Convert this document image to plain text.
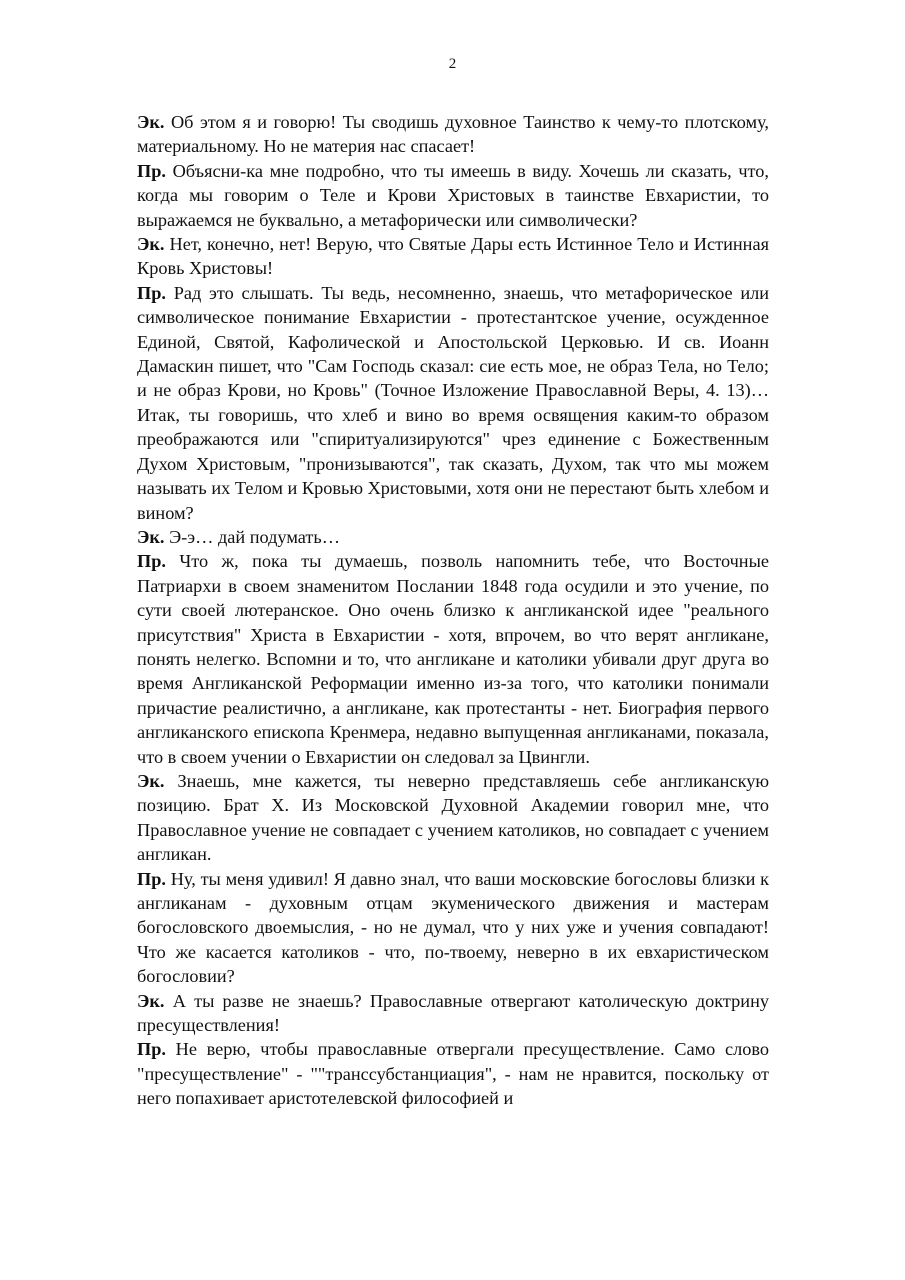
2

Эк. Об этом я и говорю! Ты сводишь духовное Таинство к чему-то плотскому, материальному. Но не материя нас спасает!

Пр. Объясни-ка мне подробно, что ты имеешь в виду. Хочешь ли сказать, что, когда мы говорим о Теле и Крови Христовых в таинстве Евхаристии, то выражаемся не буквально, а метафорически или символически?

Эк. Нет, конечно, нет! Верую, что Святые Дары есть Истинное Тело и Истинная Кровь Христовы!

Пр. Рад это слышать. Ты ведь, несомненно, знаешь, что метафорическое или символическое понимание Евхаристии - протестантское учение, осужденное Единой, Святой, Кафолической и Апостольской Церковью. И св. Иоанн Дамаскин пишет, что "Сам Господь сказал: сие есть мое, не образ Тела, но Тело; и не образ Крови, но Кровь" (Точное Изложение Православной Веры, 4. 13)… Итак, ты говоришь, что хлеб и вино во время освящения каким-то образом преображаются или "спиритуализируются" чрез единение с Божественным Духом Христовым, "пронизываются", так сказать, Духом, так что мы можем называть их Телом и Кровью Христовыми, хотя они не перестают быть хлебом и вином?

Эк. Э-э… дай подумать…

Пр. Что ж, пока ты думаешь, позволь напомнить тебе, что Восточные Патриархи в своем знаменитом Послании 1848 года осудили и это учение, по сути своей лютеранское. Оно очень близко к англиканской идее "реального присутствия" Христа в Евхаристии - хотя, впрочем, во что верят англикане, понять нелегко. Вспомни и то, что англикане и католики убивали друг друга во время Англиканской Реформации именно из-за того, что католики понимали причастие реалистично, а англикане, как протестанты - нет. Биография первого англиканского епископа Кренмера, недавно выпущенная англиканами, показала, что в своем учении о Евхаристии он следовал за Цвингли.

Эк. Знаешь, мне кажется, ты неверно представляешь себе англиканскую позицию. Брат Х. Из Московской Духовной Академии говорил мне, что Православное учение не совпадает с учением католиков, но совпадает с учением англикан.

Пр. Ну, ты меня удивил! Я давно знал, что ваши московские богословы близки к англиканам - духовным отцам экуменического движения и мастерам богословского двоемыслия, - но не думал, что у них уже и учения совпадают! Что же касается католиков - что, по-твоему, неверно в их евхаристическом богословии?

Эк. А ты разве не знаешь? Православные отвергают католическую доктрину пресуществления!

Пр. Не верю, чтобы православные отвергали пресуществление. Само слово "пресуществление" - ""транссубстанциация", - нам не нравится, поскольку от него попахивает аристотелевской философией и
